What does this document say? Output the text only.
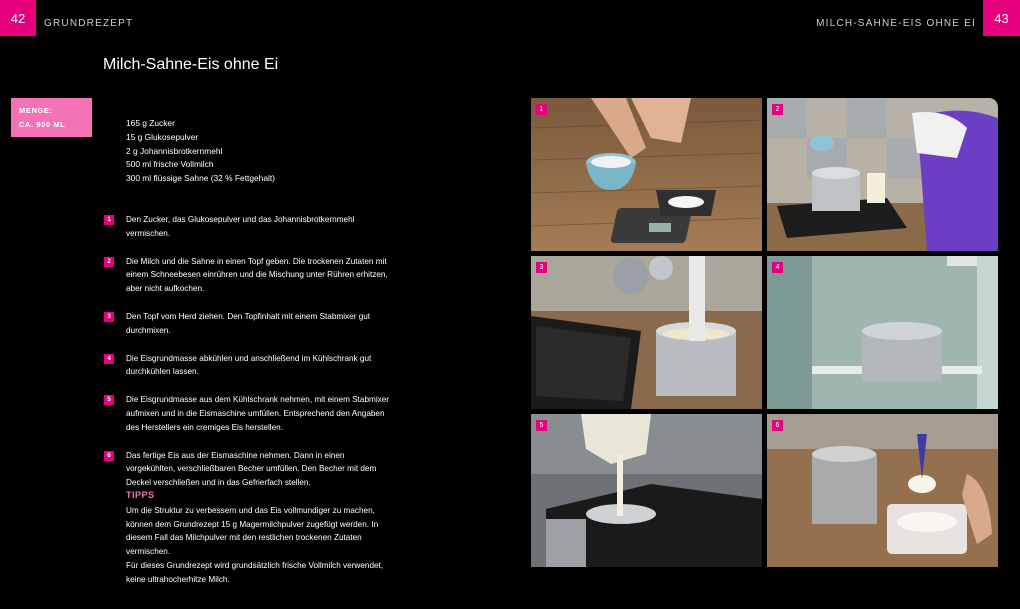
42	GRUNDREZEPT	MILCH-SAHNE-EIS OHNE EI	43
Milch-Sahne-Eis ohne Ei
MENGE:
CA. 900 ML	165 g Zucker
15 g Glukosepulver
2 g Johannisbrotkernmehl
500 ml frische Vollmilch
300 ml flüssige Sahne (32 % Fettgehalt)
1	Den Zucker, das Glukosepulver und das Johannisbrotkernmehl vermischen.
2	Die Milch und die Sahne in einen Topf geben. Die trockenen Zutaten mit einem Schneebesen einrühren und die Mischung unter Rühren erhitzen, aber nicht aufkochen.
3	Den Topf vom Herd ziehen. Den Topfinhalt mit einem Stabmixer gut durchmixen.
4	Die Eisgrundmasse abkühlen und anschließend im Kühlschrank gut durchkühlen lassen.
5	Die Eisgrundmasse aus dem Kühlschrank nehmen, mit einem Stabmixer aufmixen und in die Eismaschine umfüllen. Entsprechend den Angaben des Herstellers ein cremiges Eis herstellen.
6	Das fertige Eis aus der Eismaschine nehmen. Dann in einen vorgekühlten, verschließbaren Becher umfüllen. Den Becher mit dem Deckel verschließen und in das Gefrierfach stellen.
TIPPS
Um die Struktur zu verbessern und das Eis vollmundiger zu machen, können dem Grundrezept 15 g Magermilchpulver zugefügt werden. In diesem Fall das Milchpulver mit den restlichen trockenen Zutaten vermischen.
Für dieses Grundrezept wird grundsätzlich frische Vollmilch verwendet, keine ultrahocherhitze Milch.
1	2
3	4
5	6
